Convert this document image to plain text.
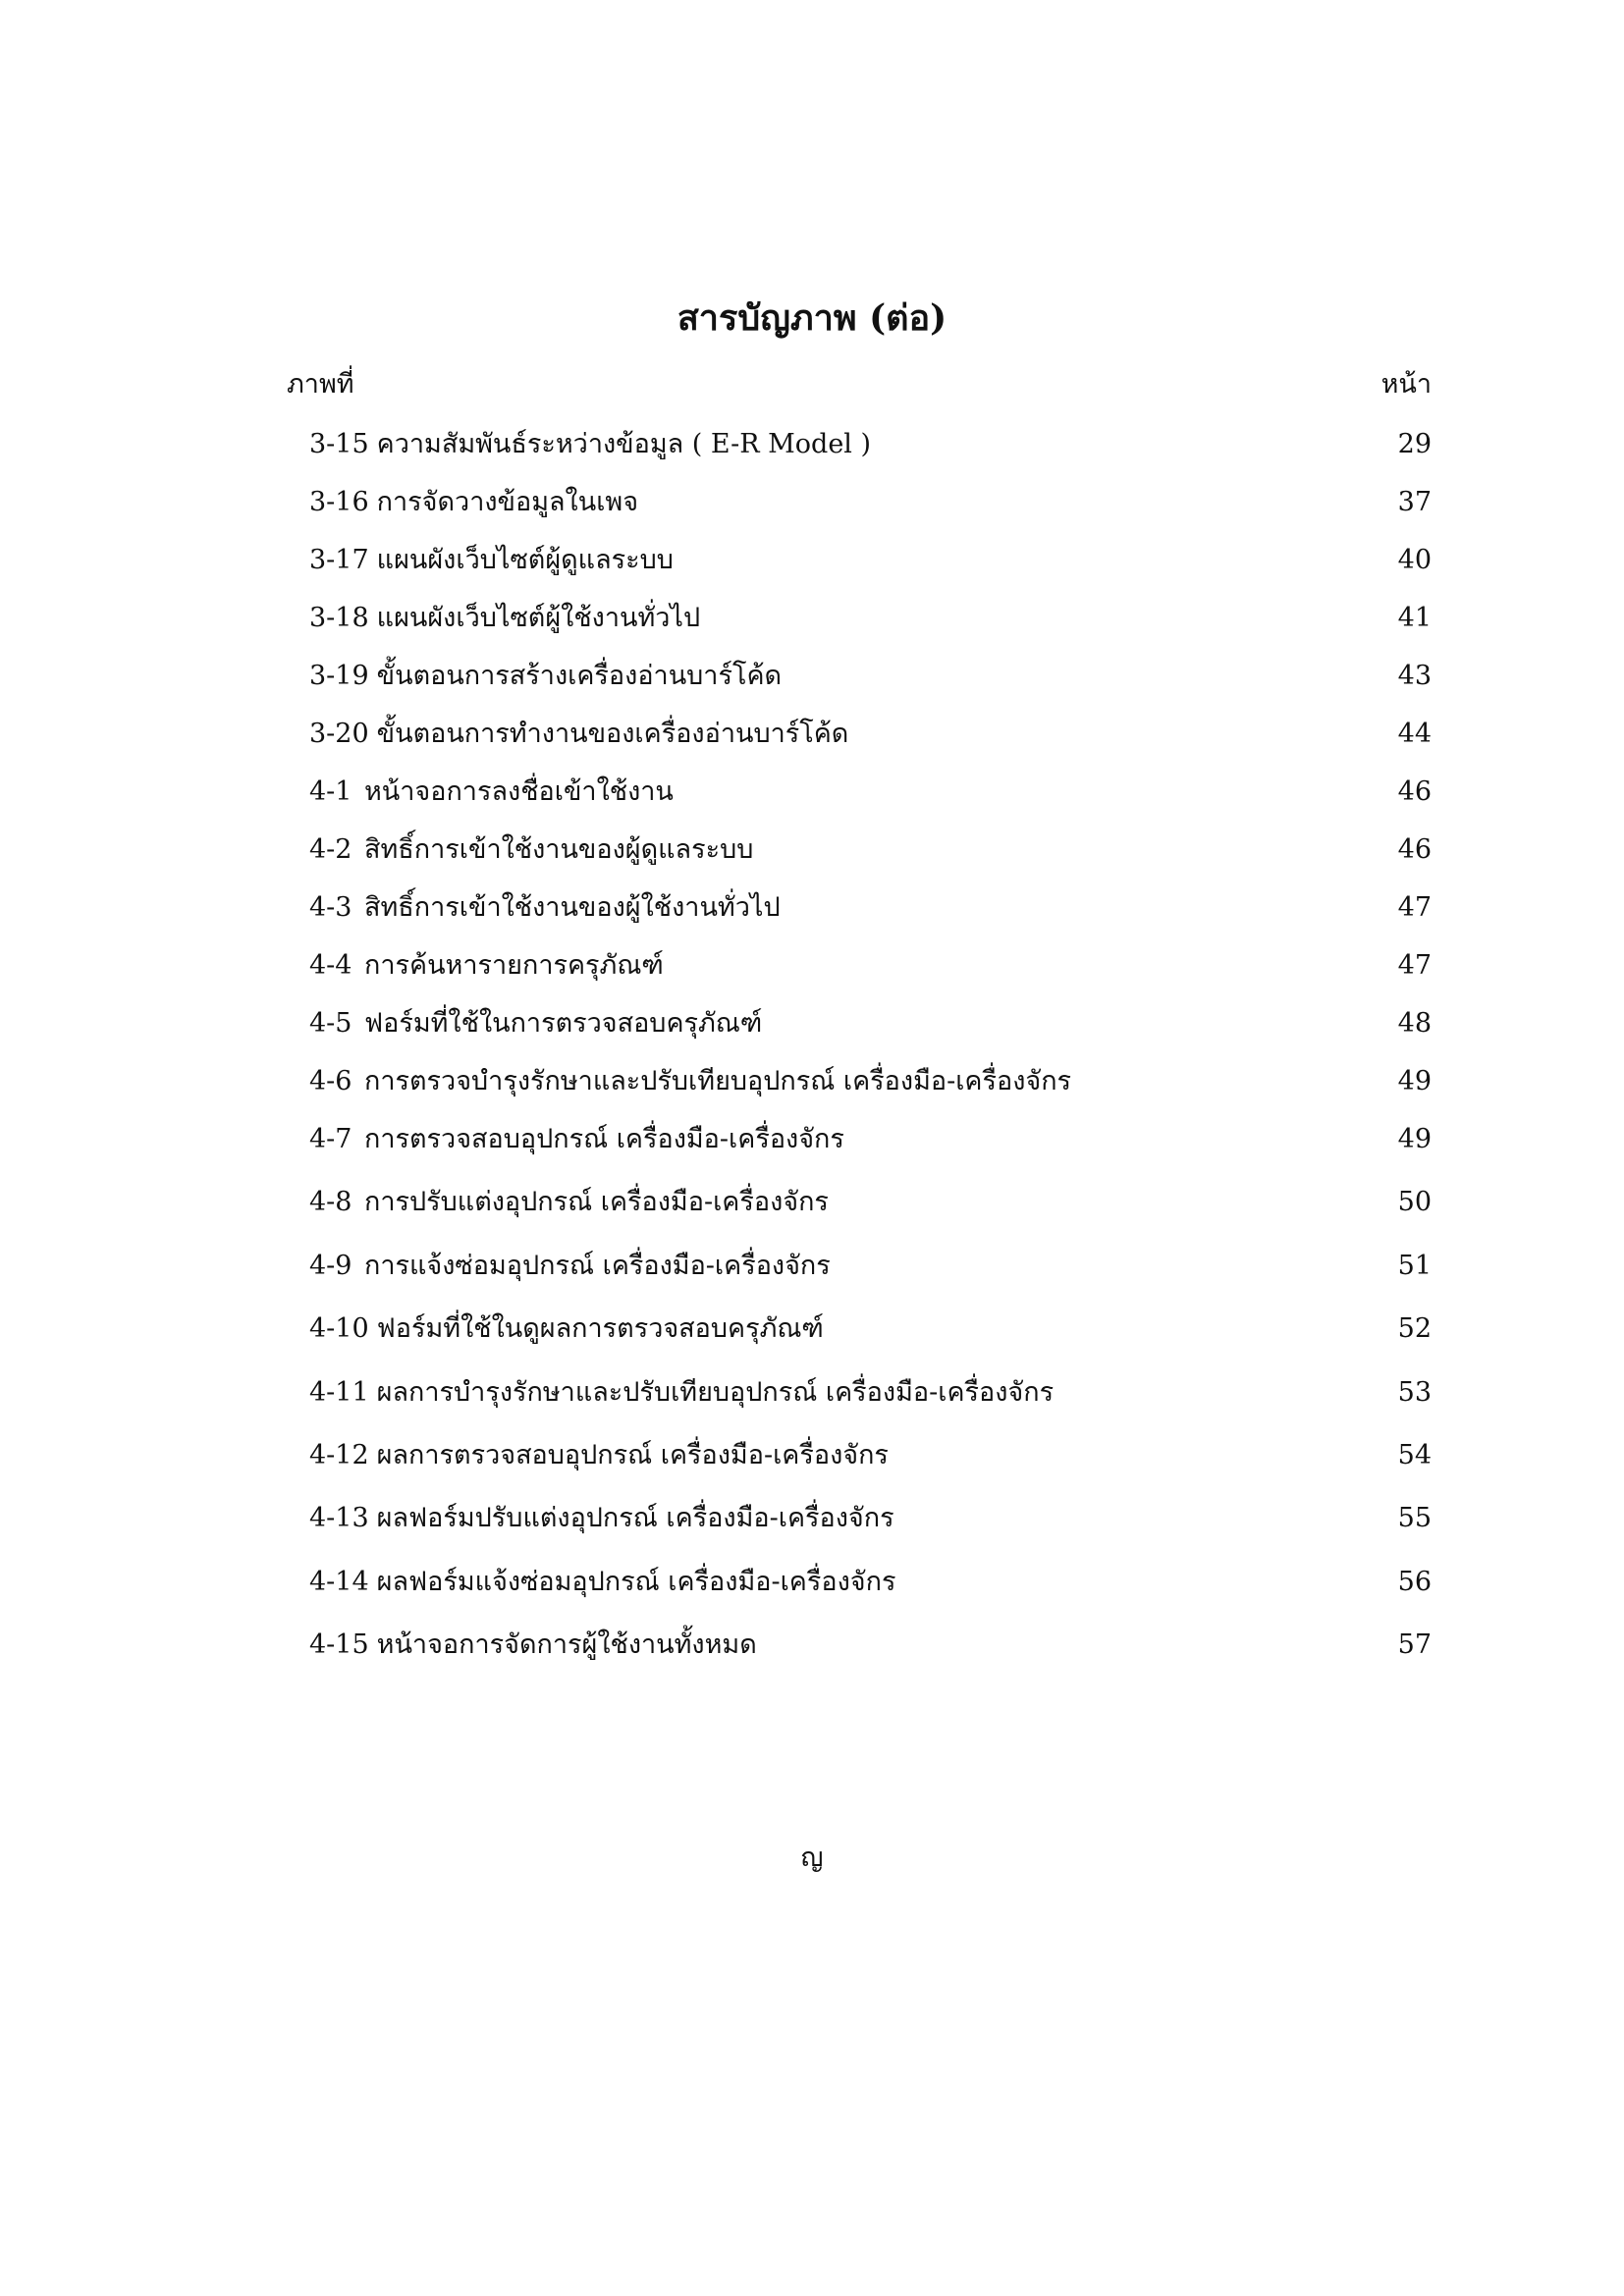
สารบัญภาพ (ต่อ)
ภาพที่	หน้า
3-15 ความสัมพันธ์ระหว่างข้อมูล ( E-R Model )	29
3-16 การจัดวางข้อมูลในเพจ	37
3-17 แผนผังเว็บไซต์ผู้ดูแลระบบ	40
3-18 แผนผังเว็บไซต์ผู้ใช้งานทั่วไป	41
3-19 ขั้นตอนการสร้างเครื่องอ่านบาร์โค้ด	43
3-20 ขั้นตอนการทำงานของเครื่องอ่านบาร์โค้ด	44
4-1 หน้าจอการลงชื่อเข้าใช้งาน	46
4-2 สิทธิ์การเข้าใช้งานของผู้ดูแลระบบ	46
4-3 สิทธิ์การเข้าใช้งานของผู้ใช้งานทั่วไป	47
4-4 การค้นหารายการครุภัณฑ์	47
4-5 ฟอร์มที่ใช้ในการตรวจสอบครุภัณฑ์	48
4-6 การตรวจบำรุงรักษาและปรับเทียบอุปกรณ์ เครื่องมือ-เครื่องจักร	49
4-7 การตรวจสอบอุปกรณ์ เครื่องมือ-เครื่องจักร	49
4-8 การปรับแต่งอุปกรณ์ เครื่องมือ-เครื่องจักร	50
4-9 การแจ้งซ่อมอุปกรณ์ เครื่องมือ-เครื่องจักร	51
4-10 ฟอร์มที่ใช้ในดูผลการตรวจสอบครุภัณฑ์	52
4-11 ผลการบำรุงรักษาและปรับเทียบอุปกรณ์ เครื่องมือ-เครื่องจักร	53
4-12 ผลการตรวจสอบอุปกรณ์ เครื่องมือ-เครื่องจักร	54
4-13 ผลฟอร์มปรับแต่งอุปกรณ์ เครื่องมือ-เครื่องจักร	55
4-14 ผลฟอร์มแจ้งซ่อมอุปกรณ์ เครื่องมือ-เครื่องจักร	56
4-15 หน้าจอการจัดการผู้ใช้งานทั้งหมด	57
ญ
